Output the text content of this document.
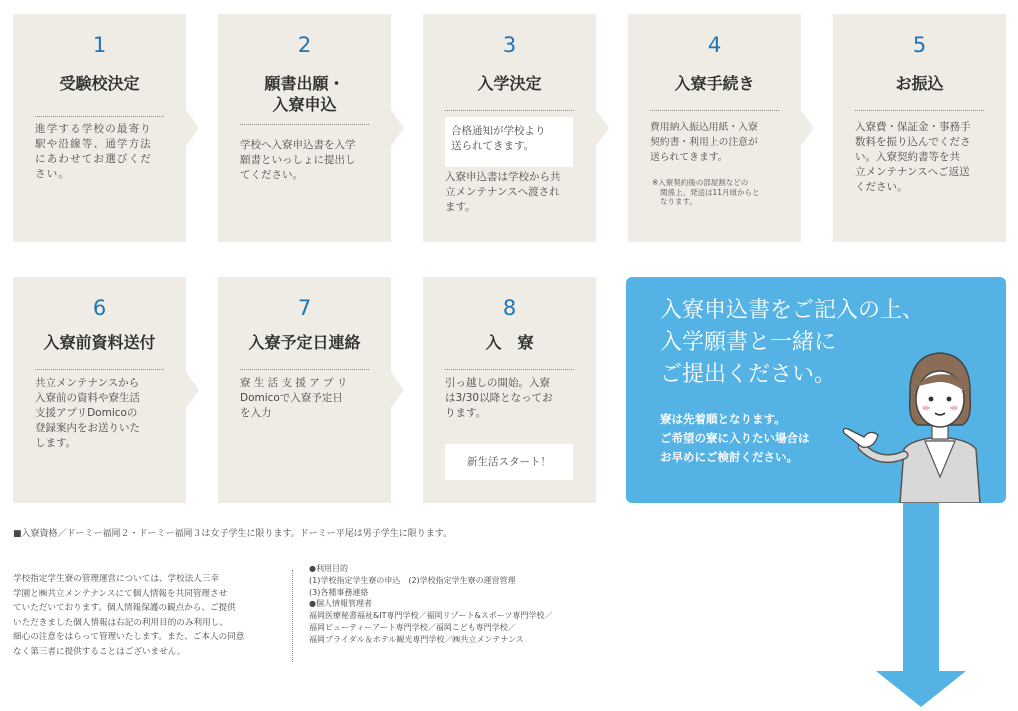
1
受験校決定
進学する学校の最寄り
駅や沿線等、通学方法
にあわせてお選びくだ
さい。
2
願書出願・
入寮申込
学校へ入寮申込書を入学
願書といっしょに提出し
てください。
3
入学決定
合格通知が学校より
送られてきます。
入寮申込書は学校から共
立メンテナンスへ渡され
ます。
4
入寮手続き
費用納入振込用紙・入寮
契約書・利用上の注意が
送られてきます。
※入寮契約後の部屋割などの
関係上、発送は11月頃からと
なります。
5
お振込
入寮費・保証金・事務手
数料を振り込んでくださ
い。入寮契約書等を共
立メンテナンスへご返送
ください。
6
入寮前資料送付
共立メンテナンスから
入寮前の資料や寮生活
支援アプリDomicoの
登録案内をお送りいた
します。
7
入寮予定日連絡
寮 生 活 支 援 ア プ リ
Domicoで入寮予定日
を入力
8
入　寮
引っ越しの開始。入寮
は3/30以降となってお
ります。
新生活スタート！
入寮申込書をご記入の上、
入学願書と一緒に
ご提出ください。
寮は先着順となります。
ご希望の寮に入りたい場合は
お早めにご検討ください。
■入寮資格／ドーミー福岡２・ドーミー福岡３は女子学生に限ります。ドーミー平尾は男子学生に限ります。
学校指定学生寮の管理運営については、学校法人三幸
学園と㈱共立メンテナンスにて個人情報を共同管理させ
ていただいております。個人情報保護の観点から、ご提供
いただきました個人情報は右記の利用目的のみ利用し、
細心の注意をはらって管理いたします。また、ご本人の同意
なく第三者に提供することはございません。
●利用目的
(1)学校指定学生寮の申込　(2)学校指定学生寮の運営管理
(3)各種事務連絡
●個人情報管理者
福岡医療秘書福祉&IT専門学校／福岡リゾート&スポーツ専門学校／
福岡ビューティーアート専門学校／福岡こども専門学校／
福岡ブライダル＆ホテル観光専門学校／㈱共立メンテナンス
